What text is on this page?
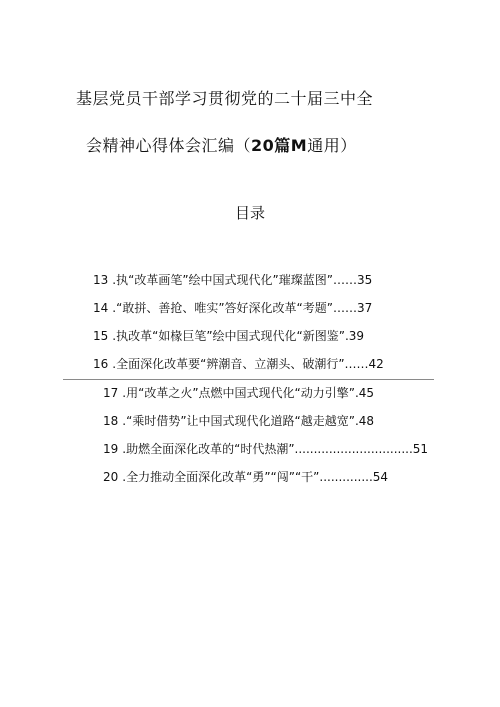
基层党员干部学习贯彻党的二十届三中全
会精神心得体会汇编（20篇M通用）
目录
13 .执“改革画笔”绘中国式现代化”璀璨蓝图”……35
14 .“敢拼、善抢、唯实”答好深化改革“考题”……37
15 .执改革“如椽巨笔”绘中国式现代化“新图鉴”.39
16 .全面深化改革要“辨潮音、立潮头、破潮行”……42
17 .用“改革之火”点燃中国式现代化“动力引擎”.45
18 .“乘时借势”让中国式现代化道路“越走越宽”.48
19 .助燃全面深化改革的“时代热潮”...............................51
20 .全力推动全面深化改革“勇”“闯”“干”..............54
